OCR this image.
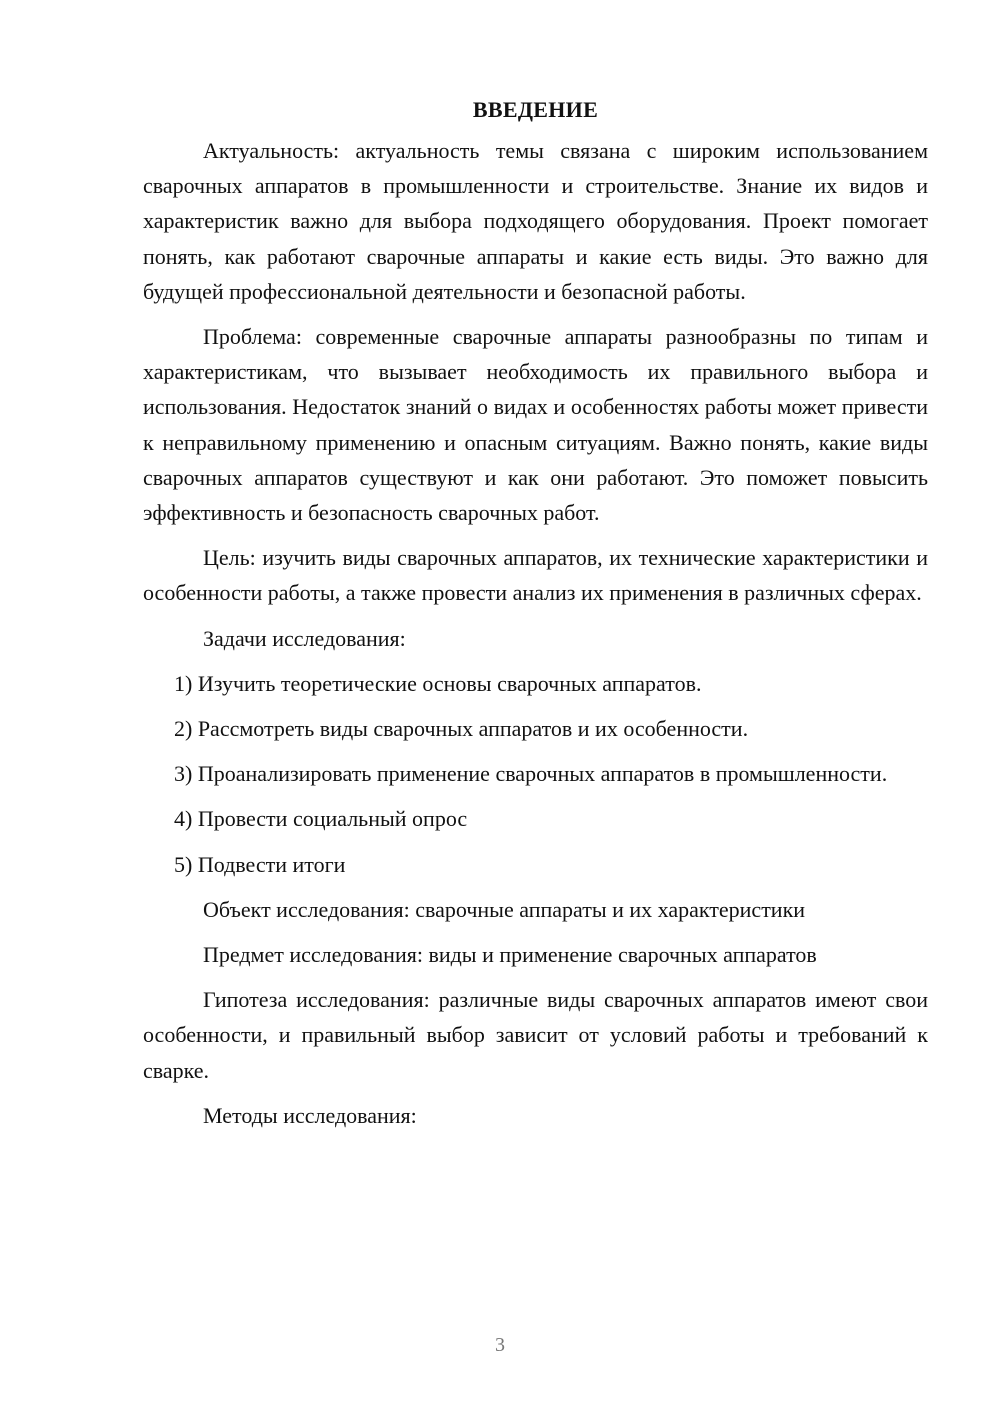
ВВЕДЕНИЕ

Актуальность: актуальность темы связана с широким использованием сварочных аппаратов в промышленности и строительстве. Знание их видов и характеристик важно для выбора подходящего оборудования. Проект помогает понять, как работают сварочные аппараты и какие есть виды. Это важно для будущей профессиональной деятельности и безопасной работы.

Проблема: современные сварочные аппараты разнообразны по типам и характеристикам, что вызывает необходимость их правильного выбора и использования. Недостаток знаний о видах и особенностях работы может привести к неправильному применению и опасным ситуациям. Важно понять, какие виды сварочных аппаратов существуют и как они работают. Это поможет повысить эффективность и безопасность сварочных работ.

Цель: изучить виды сварочных аппаратов, их технические характеристики и особенности работы, а также провести анализ их применения в различных сферах.

Задачи исследования:

1) Изучить теоретические основы сварочных аппаратов.

2) Рассмотреть виды сварочных аппаратов и их особенности.

3) Проанализировать применение сварочных аппаратов в промышленности.

4) Провести социальный опрос

5) Подвести итоги

Объект исследования: сварочные аппараты и их характеристики

Предмет исследования: виды и применение сварочных аппаратов

Гипотеза исследования: различные виды сварочных аппаратов имеют свои особенности, и правильный выбор зависит от условий работы и требований к сварке.

Методы исследования:

3
